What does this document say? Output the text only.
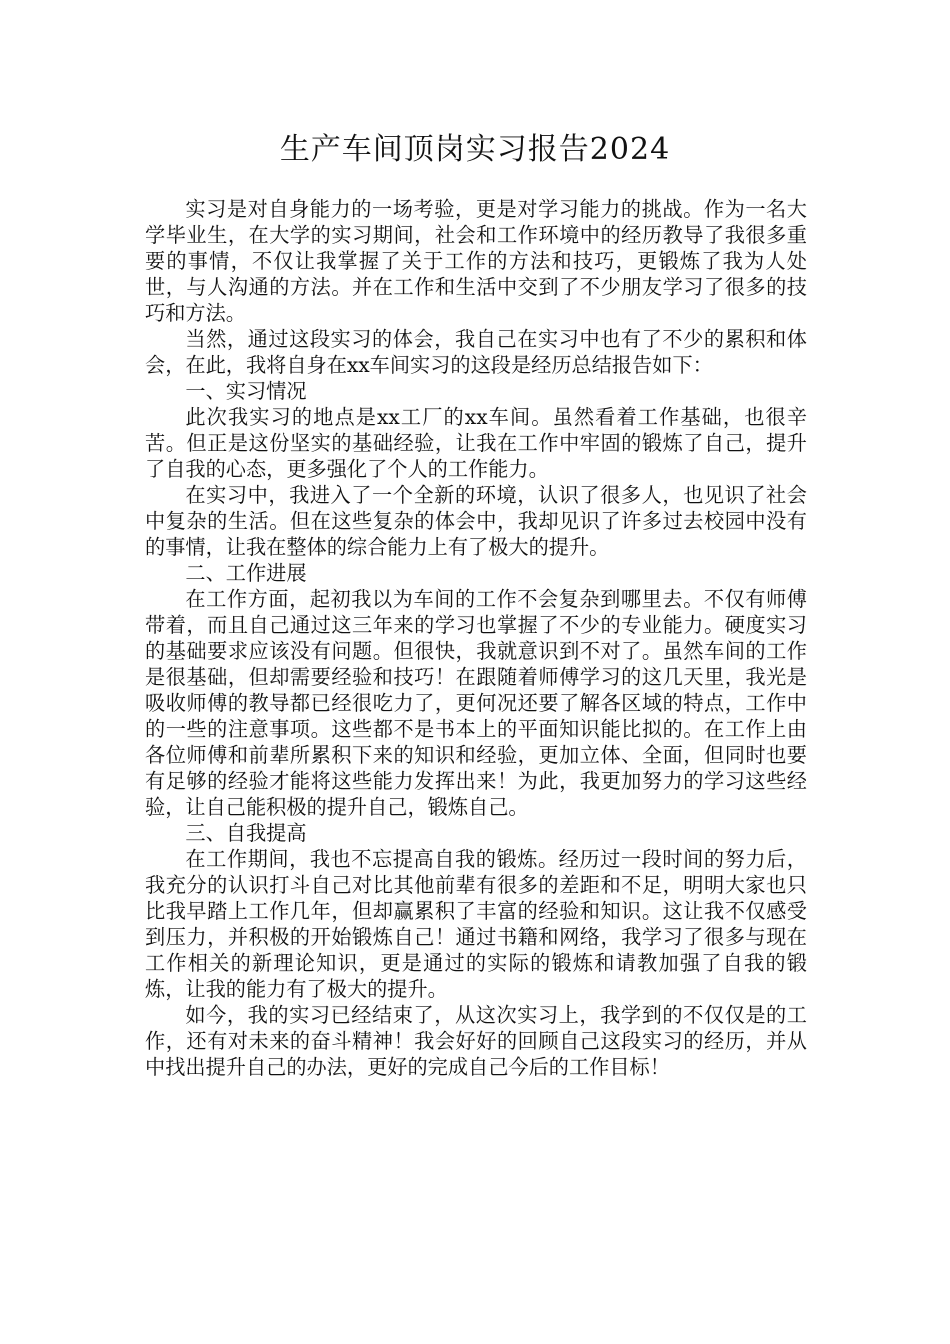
生产车间顶岗实习报告2024

实习是对自身能力的一场考验，更是对学习能力的挑战。作为一名大学毕业生，在大学的实习期间，社会和工作环境中的经历教导了我很多重要的事情，不仅让我掌握了关于工作的方法和技巧，更锻炼了我为人处世，与人沟通的方法。并在工作和生活中交到了不少朋友学习了很多的技巧和方法。

当然，通过这段实习的体会，我自己在实习中也有了不少的累积和体会，在此，我将自身在xx车间实习的这段是经历总结报告如下：

一、实习情况

此次我实习的地点是xx工厂的xx车间。虽然看着工作基础，也很辛苦。但正是这份坚实的基础经验，让我在工作中牢固的锻炼了自己，提升了自我的心态，更多强化了个人的工作能力。

在实习中，我进入了一个全新的环境，认识了很多人，也见识了社会中复杂的生活。但在这些复杂的体会中，我却见识了许多过去校园中没有的事情，让我在整体的综合能力上有了极大的提升。

二、工作进展

在工作方面，起初我以为车间的工作不会复杂到哪里去。不仅有师傅带着，而且自己通过这三年来的学习也掌握了不少的专业能力。硬度实习的基础要求应该没有问题。但很快，我就意识到不对了。虽然车间的工作是很基础，但却需要经验和技巧！在跟随着师傅学习的这几天里，我光是吸收师傅的教导都已经很吃力了，更何况还要了解各区域的特点，工作中的一些的注意事项。这些都不是书本上的平面知识能比拟的。在工作上由各位师傅和前辈所累积下来的知识和经验，更加立体、全面，但同时也要有足够的经验才能将这些能力发挥出来！为此，我更加努力的学习这些经验，让自己能积极的提升自己，锻炼自己。

三、自我提高

在工作期间，我也不忘提高自我的锻炼。经历过一段时间的努力后，我充分的认识打斗自己对比其他前辈有很多的差距和不足，明明大家也只比我早踏上工作几年，但却赢累积了丰富的经验和知识。这让我不仅感受到压力，并积极的开始锻炼自己！通过书籍和网络，我学习了很多与现在工作相关的新理论知识，更是通过的实际的锻炼和请教加强了自我的锻炼，让我的能力有了极大的提升。

如今，我的实习已经结束了，从这次实习上，我学到的不仅仅是的工作，还有对未来的奋斗精神！我会好好的回顾自己这段实习的经历，并从中找出提升自己的办法，更好的完成自己今后的工作目标！
